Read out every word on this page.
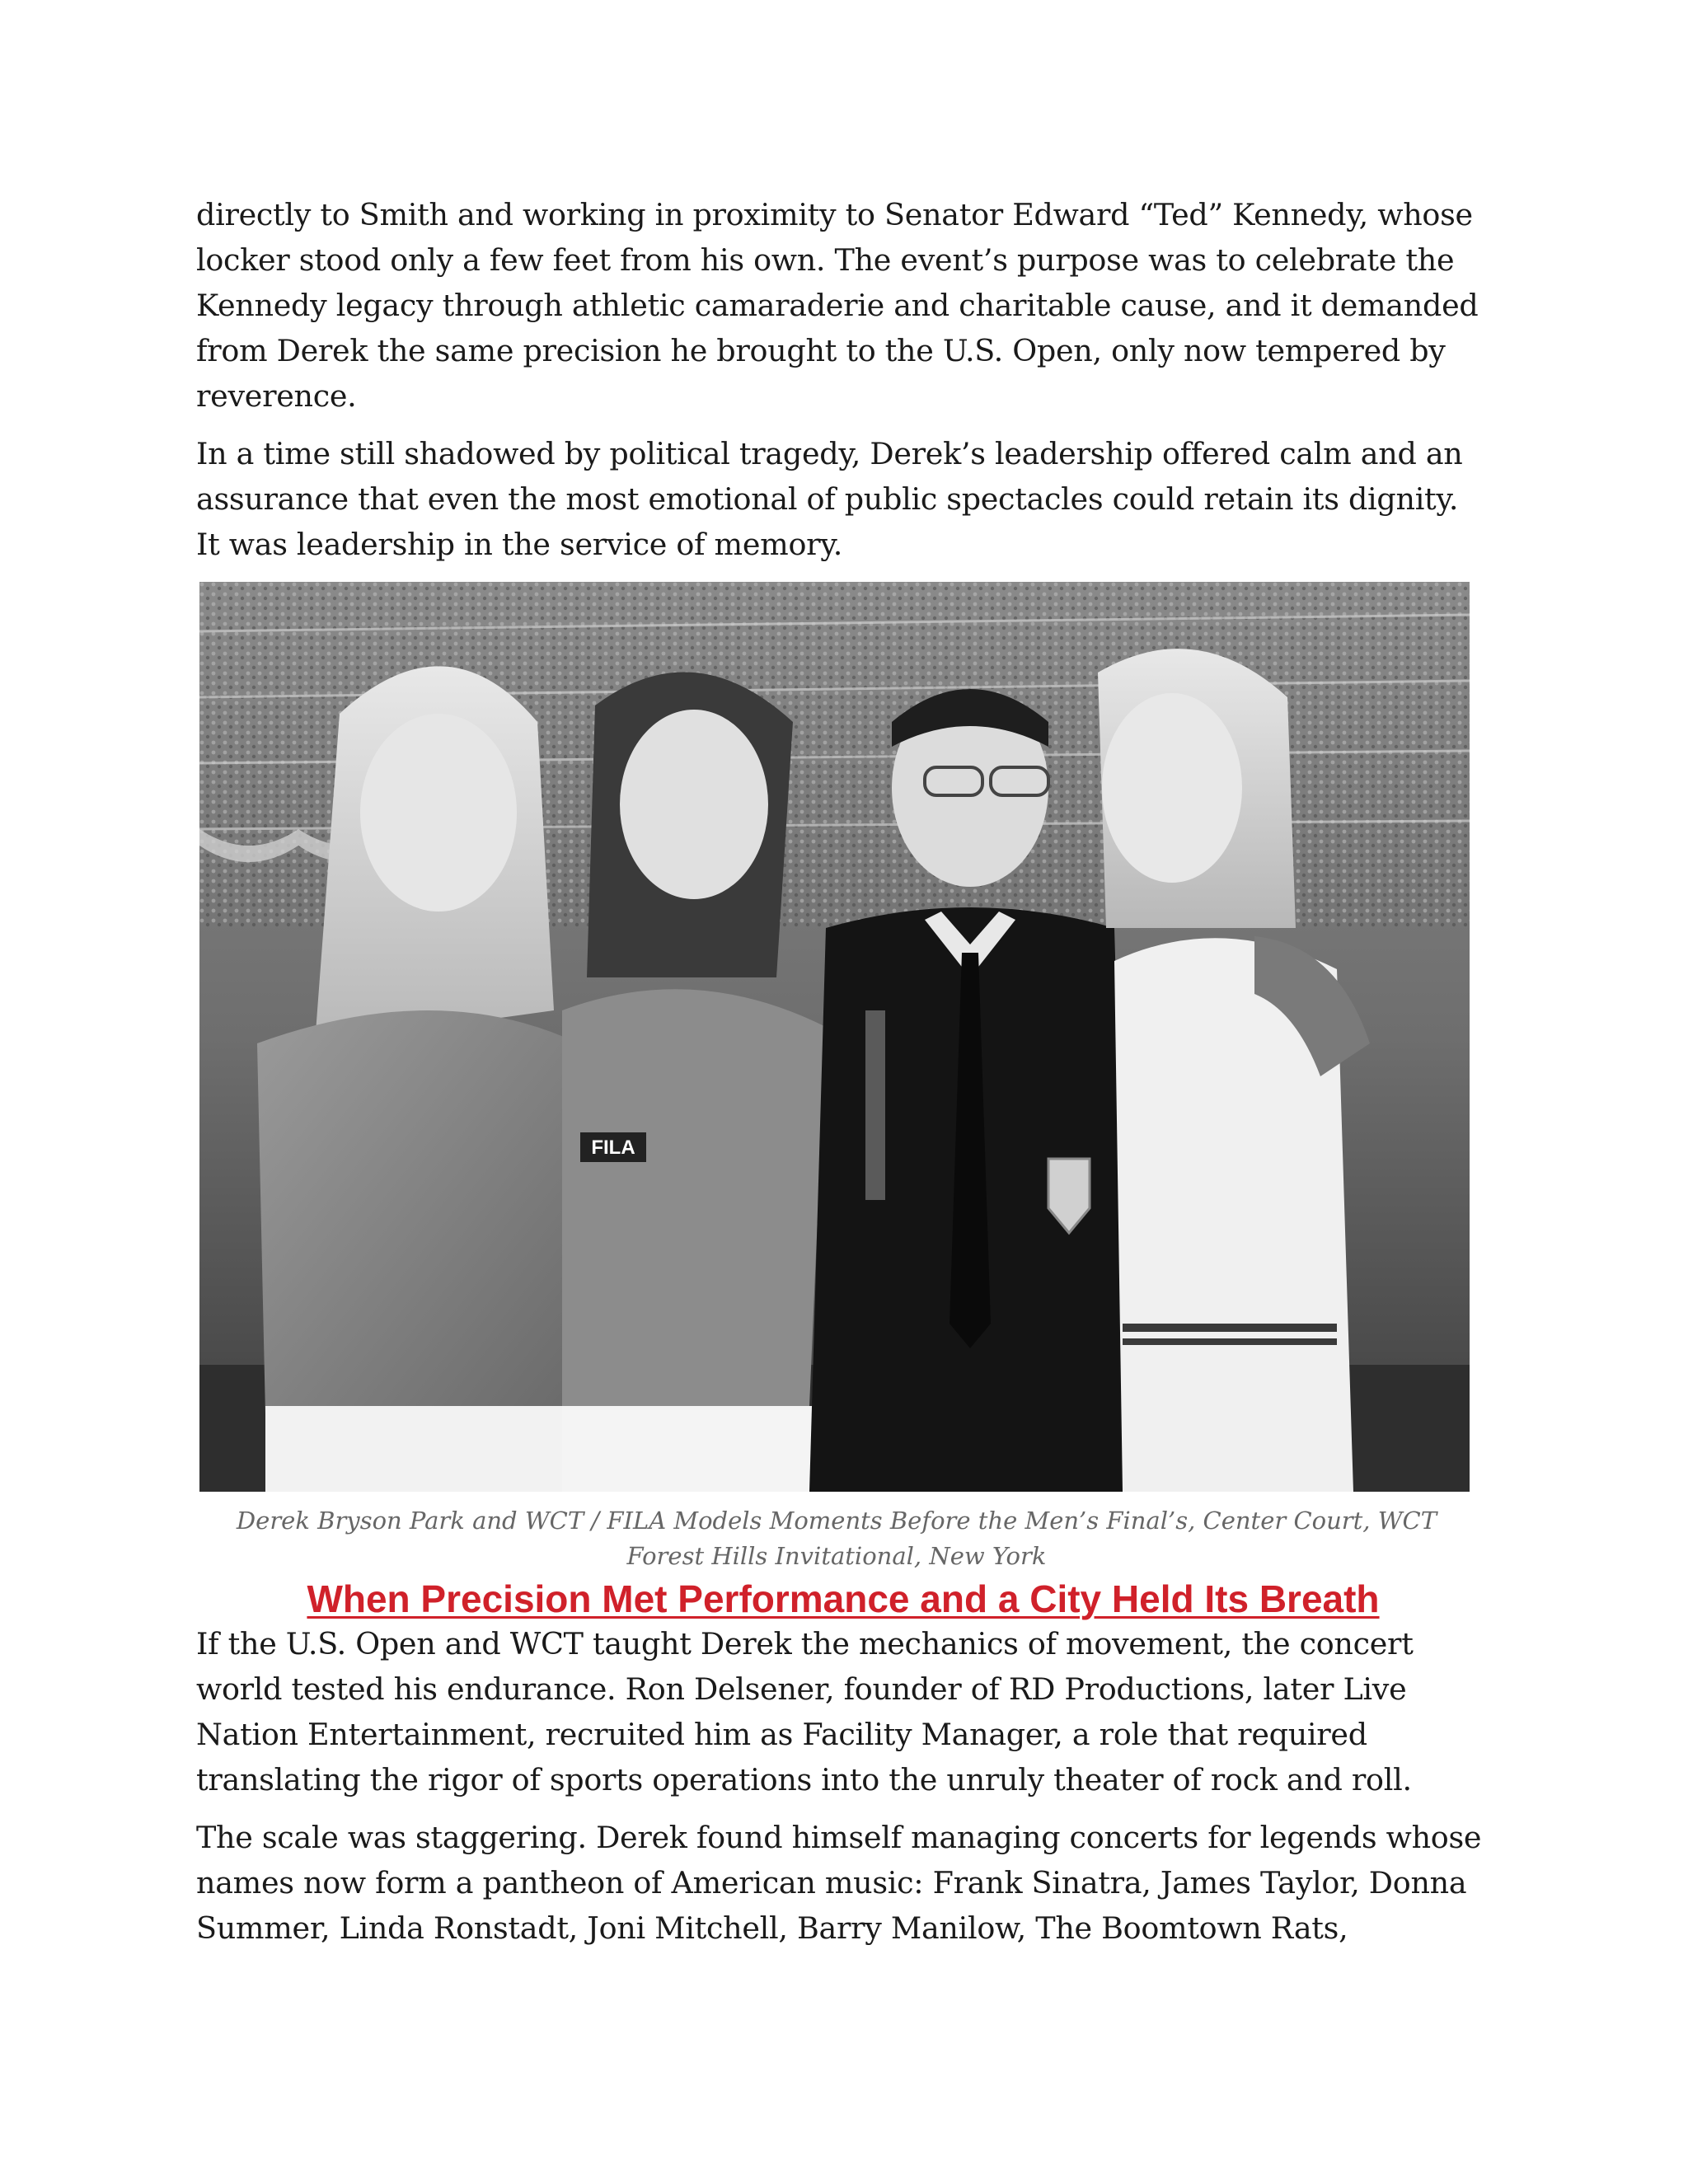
directly to Smith and working in proximity to Senator Edward “Ted” Kennedy, whose locker stood only a few feet from his own. The event’s purpose was to celebrate the Kennedy legacy through athletic camaraderie and charitable cause, and it demanded from Derek the same precision he brought to the U.S. Open, only now tempered by reverence.

In a time still shadowed by political tragedy, Derek’s leadership offered calm and an assurance that even the most emotional of public spectacles could retain its dignity. It was leadership in the service of memory.

FILA

Derek Bryson Park and WCT / FILA Models Moments Before the Men’s Final’s, Center Court, WCT Forest Hills Invitational, New York

When Precision Met Performance and a City Held Its Breath

If the U.S. Open and WCT taught Derek the mechanics of movement, the concert world tested his endurance. Ron Delsener, founder of RD Productions, later Live Nation Entertainment, recruited him as Facility Manager, a role that required translating the rigor of sports operations into the unruly theater of rock and roll.

The scale was staggering. Derek found himself managing concerts for legends whose names now form a pantheon of American music: Frank Sinatra, James Taylor, Donna Summer, Linda Ronstadt, Joni Mitchell, Barry Manilow, The Boomtown Rats,
